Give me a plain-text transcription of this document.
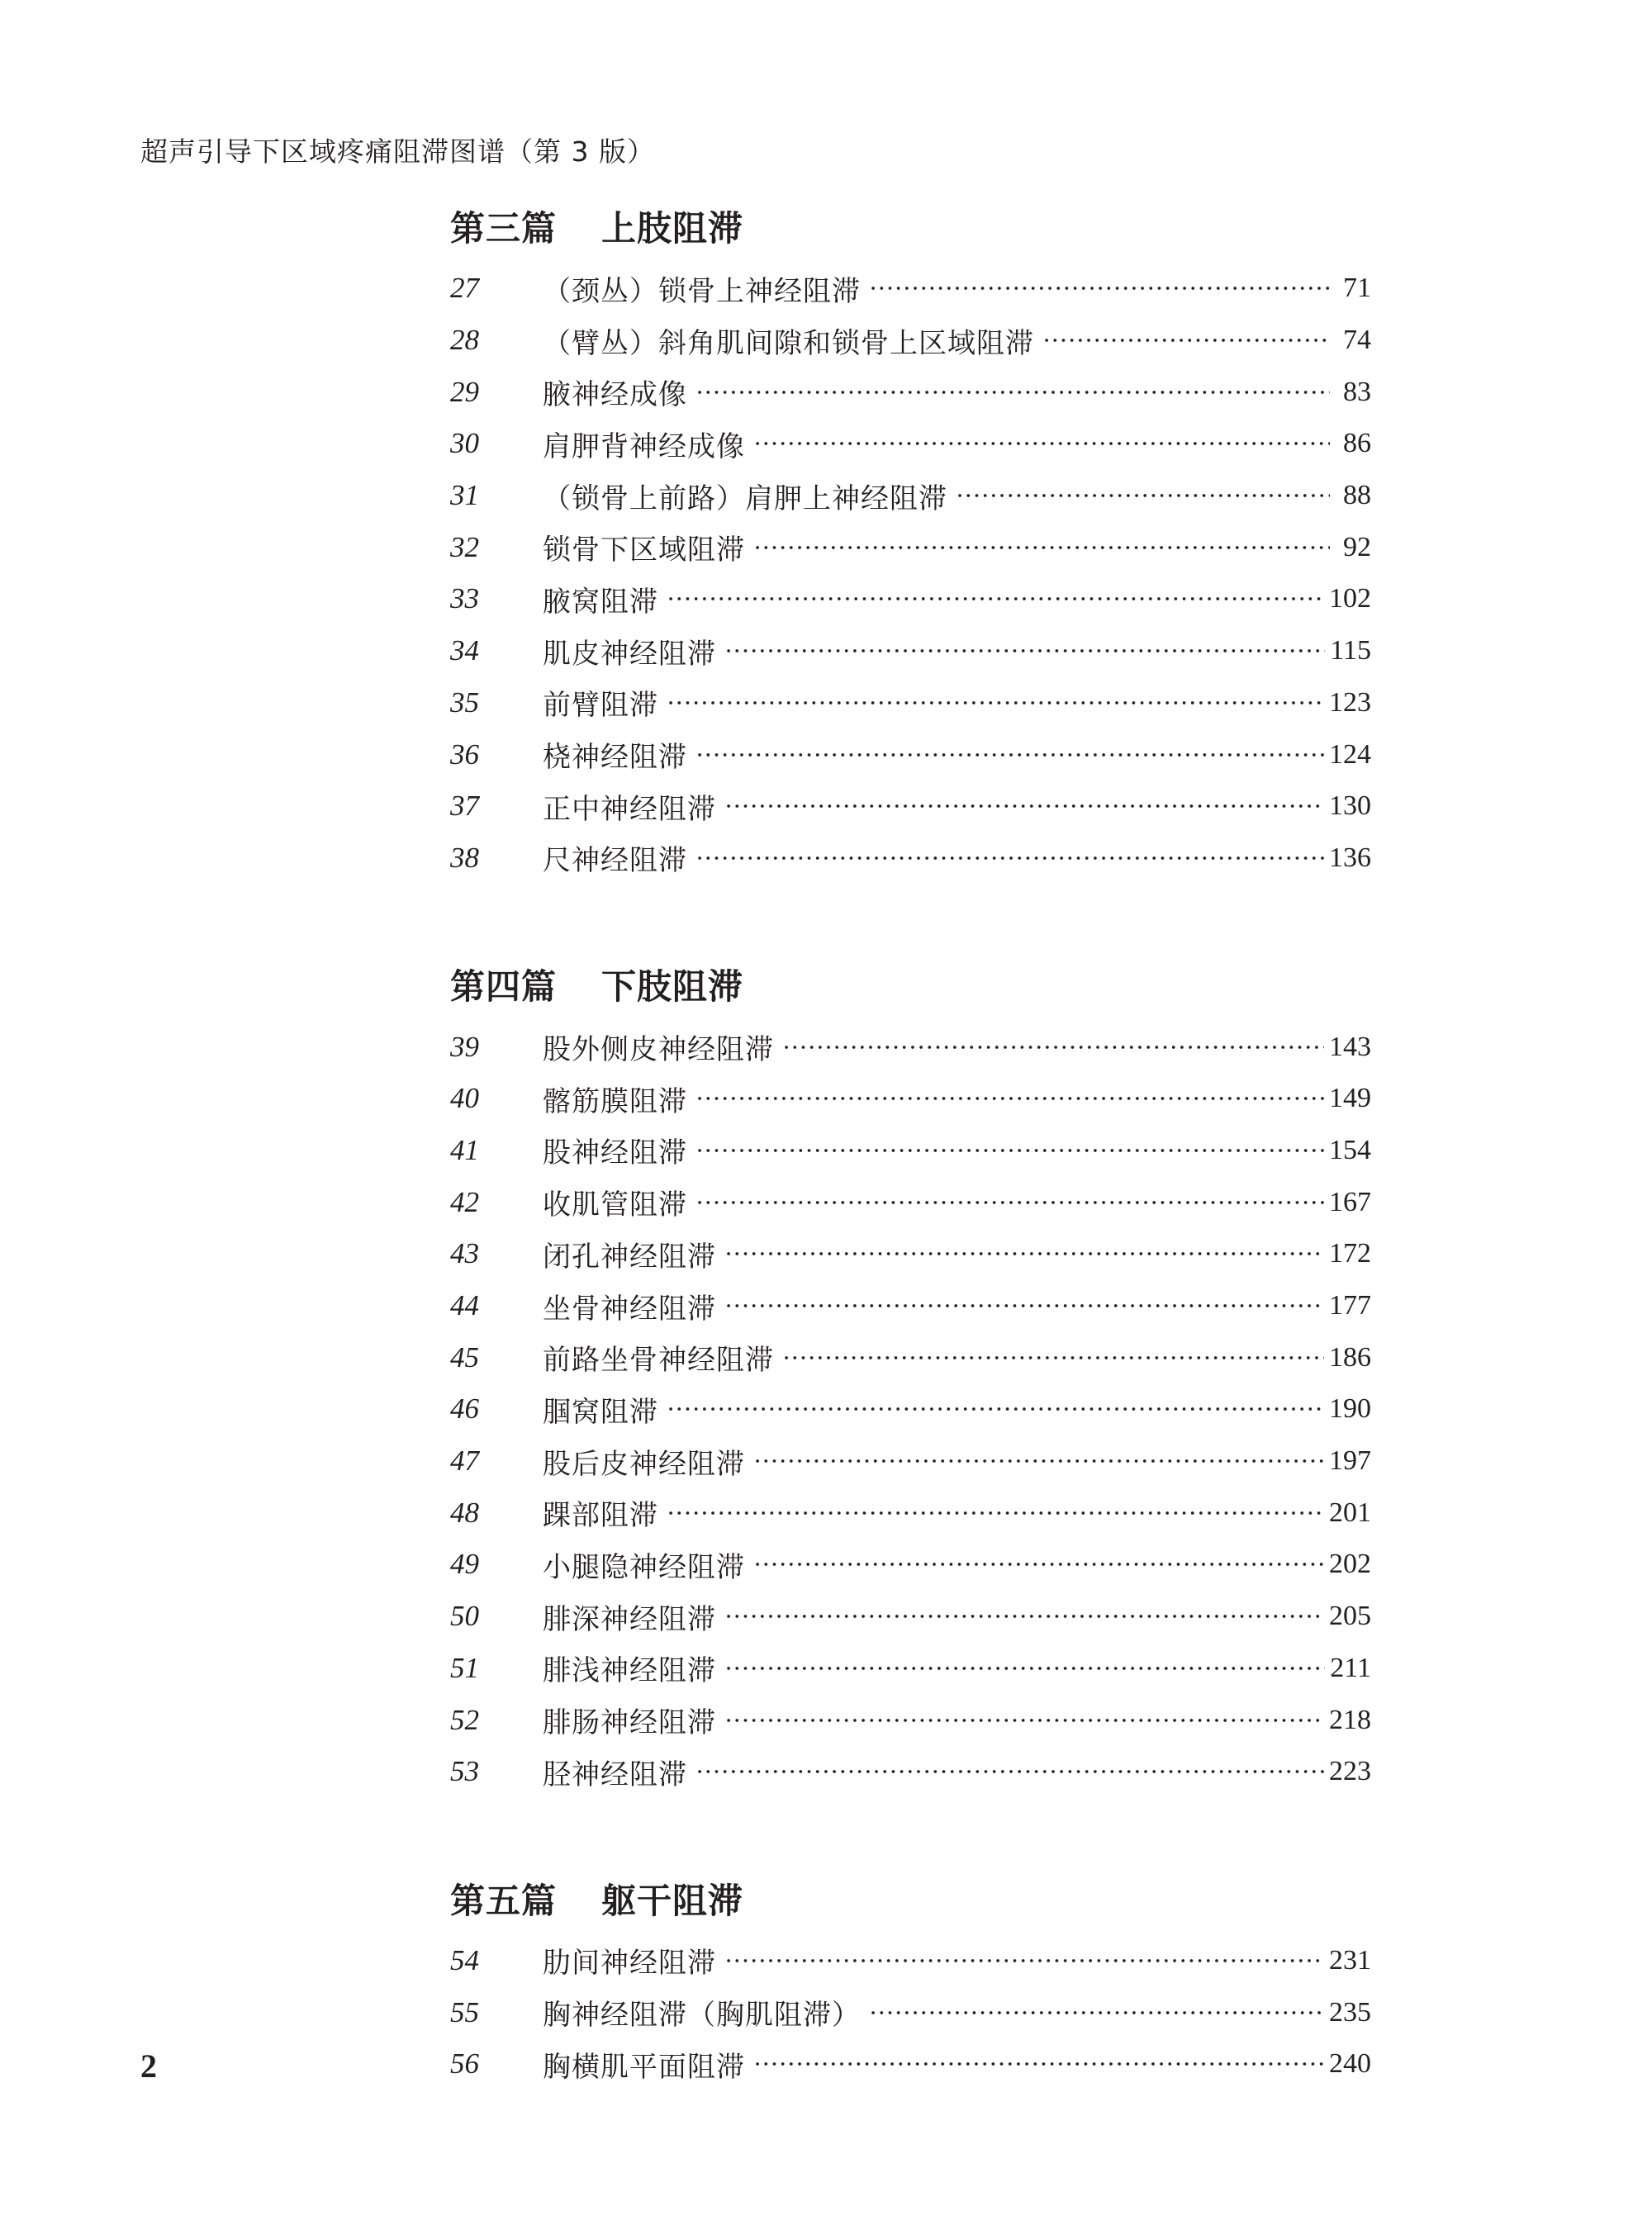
超声引导下区域疼痛阻滞图谱（第 3 版）
第三篇	上肢阻滞
27	（颈丛）锁骨上神经阻滞	71
28	（臂丛）斜角肌间隙和锁骨上区域阻滞	74
29	腋神经成像	83
30	肩胛背神经成像	86
31	（锁骨上前路）肩胛上神经阻滞	88
32	锁骨下区域阻滞	92
33	腋窝阻滞	102
34	肌皮神经阻滞	115
35	前臂阻滞	123
36	桡神经阻滞	124
37	正中神经阻滞	130
38	尺神经阻滞	136
第四篇	下肢阻滞
39	股外侧皮神经阻滞	143
40	髂筋膜阻滞	149
41	股神经阻滞	154
42	收肌管阻滞	167
43	闭孔神经阻滞	172
44	坐骨神经阻滞	177
45	前路坐骨神经阻滞	186
46	腘窝阻滞	190
47	股后皮神经阻滞	197
48	踝部阻滞	201
49	小腿隐神经阻滞	202
50	腓深神经阻滞	205
51	腓浅神经阻滞	211
52	腓肠神经阻滞	218
53	胫神经阻滞	223
第五篇	躯干阻滞
54	肋间神经阻滞	231
55	胸神经阻滞（胸肌阻滞）	235
56	胸横肌平面阻滞	240
2
